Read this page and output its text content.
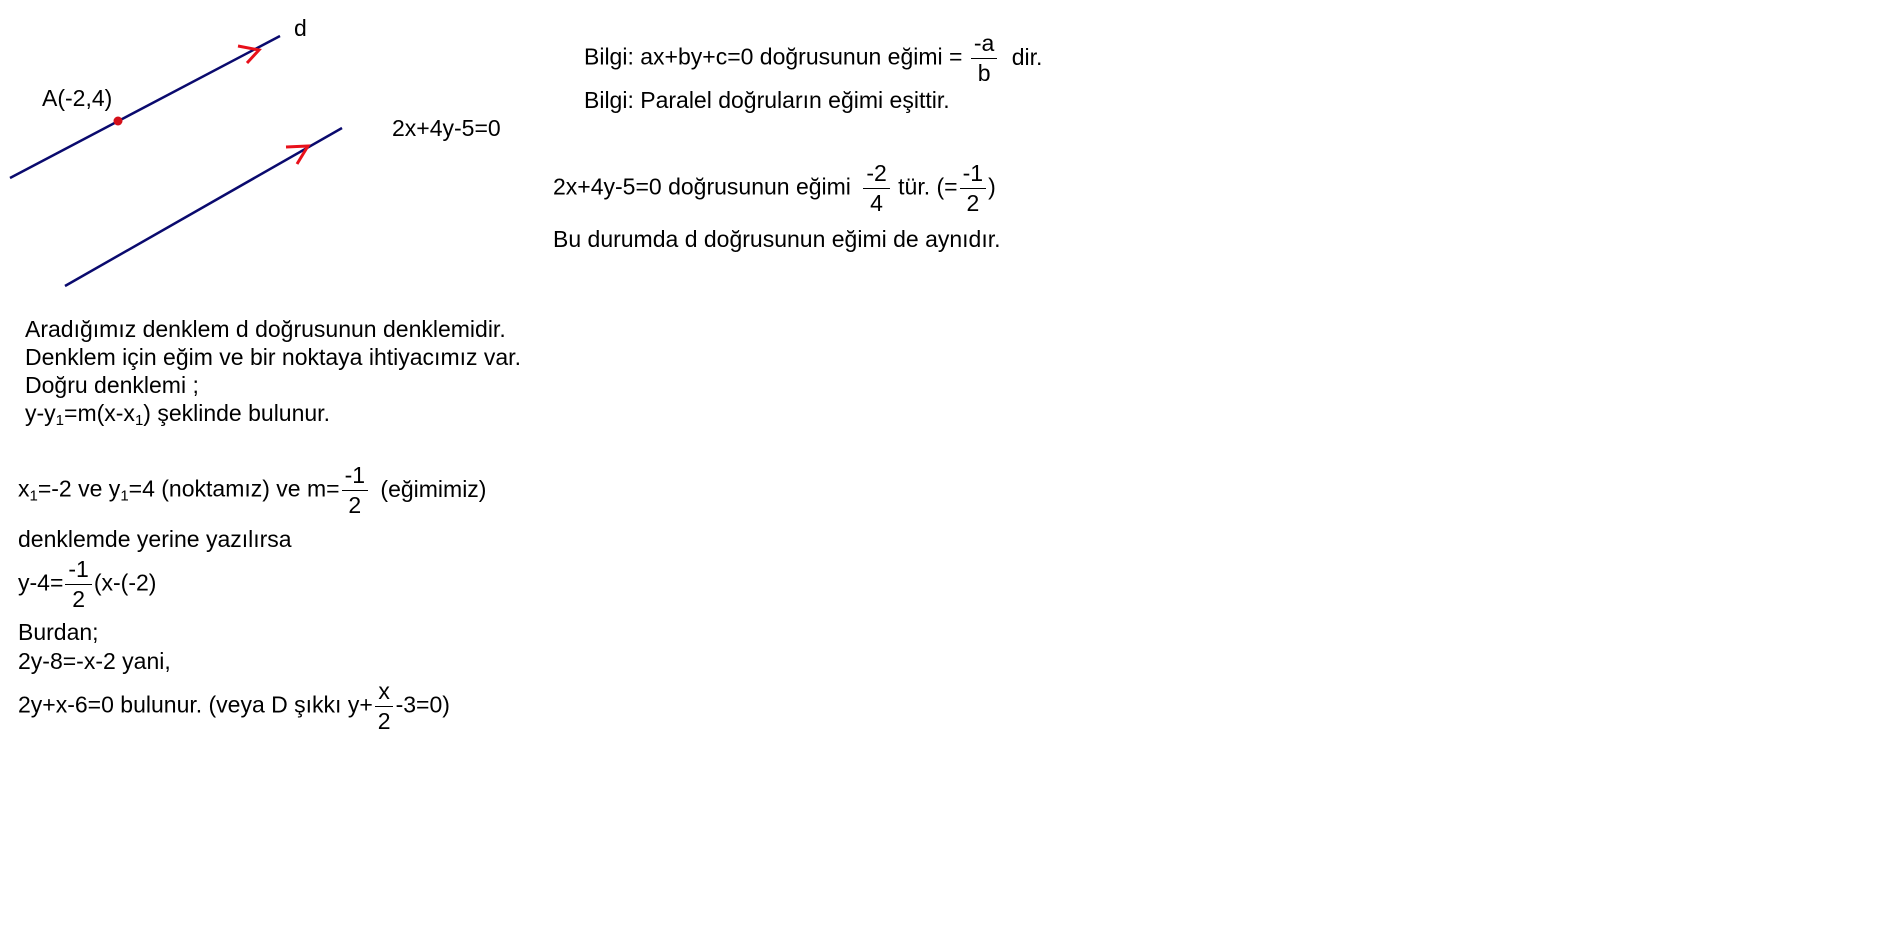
d
A(-2,4)
2x+4y-5=0
Bilgi: ax+by+c=0 doğrusunun eğimi = $\frac{-a}{b}$ dir.
Bilgi: Paralel doğruların eğimi eşittir.
2x+4y-5=0 doğrusunun eğimi $\frac{-2}{4}$ tür. (= $\frac{-1}{2}$ )
Bu durumda d doğrusunun eğimi de aynıdır.
Aradığımız denklem d doğrusunun denklemidir.
Denklem için eğim ve bir noktaya ihtiyacımız var.
Doğru denklemi ;
$y-y_1=m(x-x_1)$ şeklinde bulunur.
$x_1=-2$ ve $y_1=4$ (noktamız) ve $m= \frac{-1}{2}$ (eğimimiz)
denklemde yerine yazılırsa
$y-4= \frac{-1}{2} (x-(-2)$
Burdan;
2y-8=-x-2 yani,
2y+x-6=0 bulunur. (veya D şıkkı $y+ \frac{x}{2} -3=0$)
